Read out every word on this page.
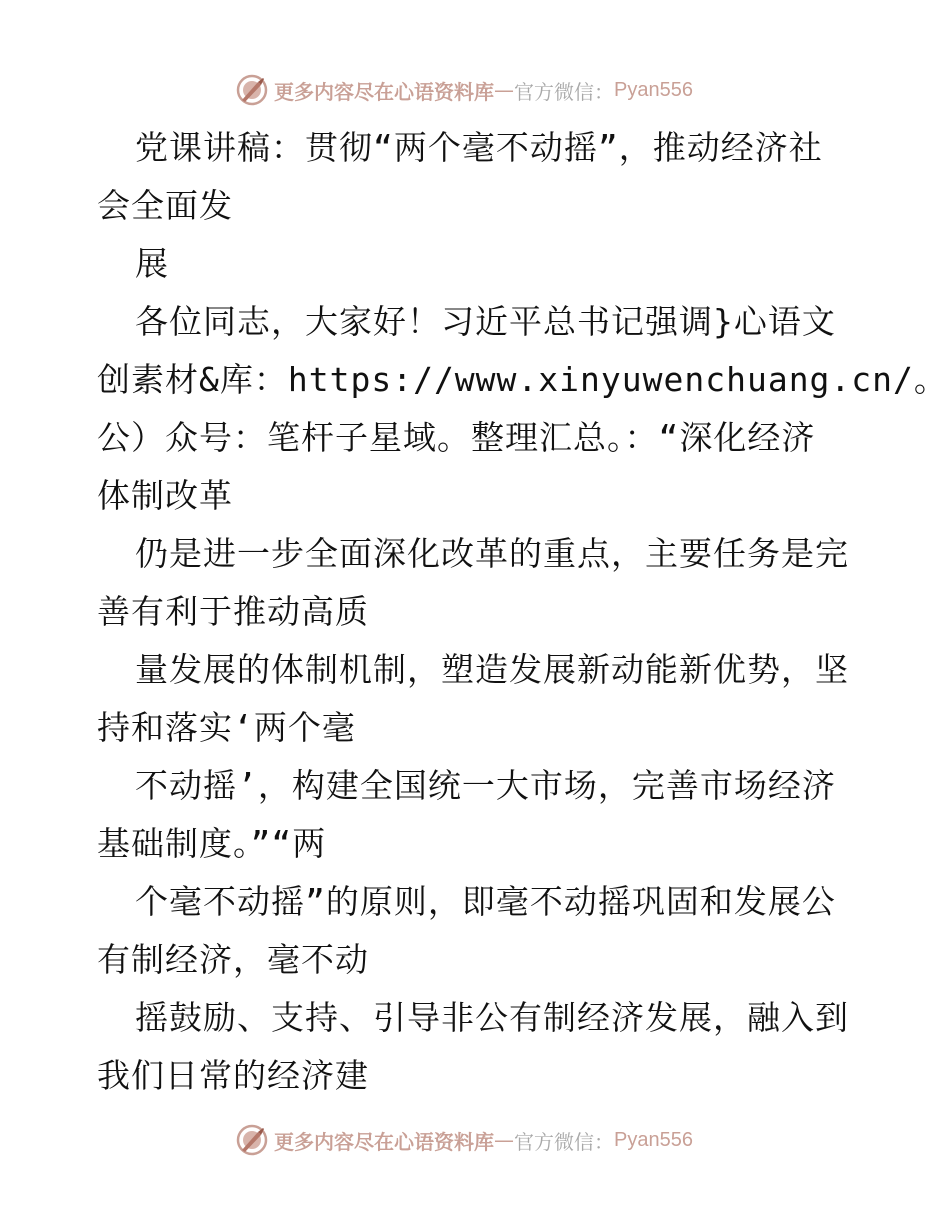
更多内容尽在心语资料库 — 官方微信： Pyan556
党课讲稿：贯彻“两个毫不动摇”，推动经济社
会全面发
展
各位同志，大家好！习近平总书记强调}心语文
创素材&库：https://www.xinyuwenchuang.cn/。
公）众号：笔杆子星域。整理汇总。：“深化经济
体制改革
仍是进一步全面深化改革的重点，主要任务是完
善有利于推动高质
量发展的体制机制，塑造发展新动能新优势，坚
持和落实‘两个毫
不动摇’，构建全国统一大市场，完善市场经济
基础制度。”“两
个毫不动摇”的原则，即毫不动摇巩固和发展公
有制经济，毫不动
摇鼓励、支持、引导非公有制经济发展，融入到
我们日常的经济建
更多内容尽在心语资料库 — 官方微信： Pyan556
